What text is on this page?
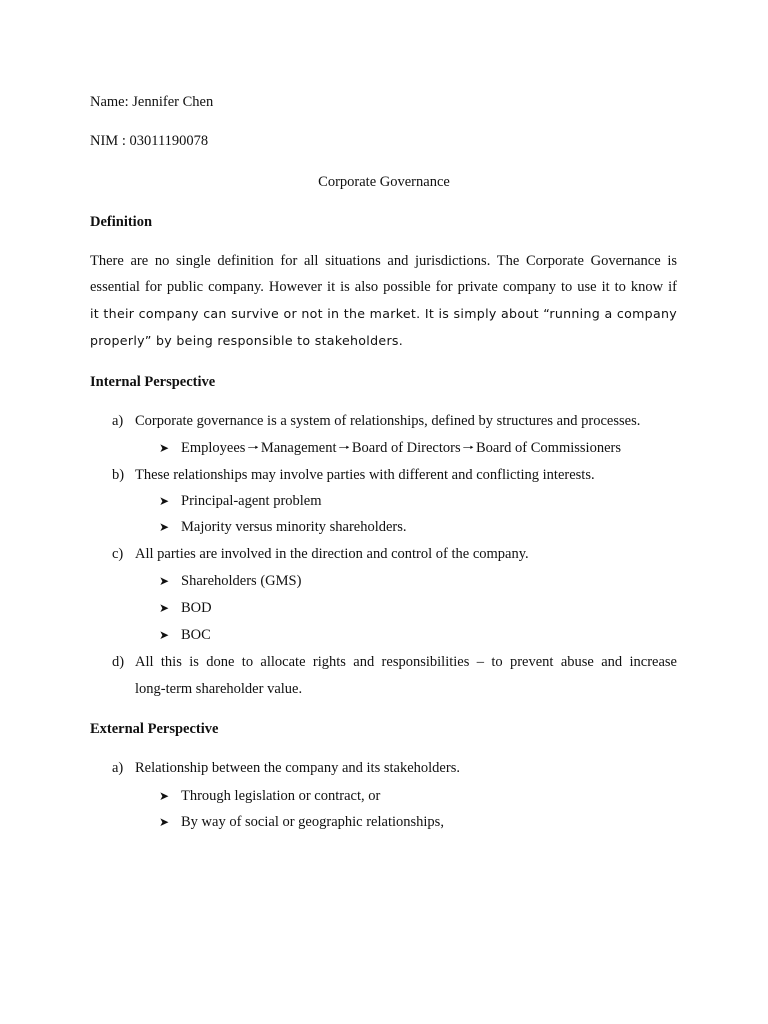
Name: Jennifer Chen
NIM : 03011190078
Corporate Governance
Definition
There are no single definition for all situations and jurisdictions. The Corporate Governance is
essential for public company. However it is also possible for private company to use it to know if
it their company can survive or not in the market. It is simply about “running a company
properly” by being responsible to stakeholders.
Internal Perspective
a) Corporate governance is a system of relationships, defined by structures and processes.
➤ Employees 🠒 Management 🠒 Board of Directors 🠒 Board of Commissioners
b) These relationships may involve parties with different and conflicting interests.
➤ Principal-agent problem
➤ Majority versus minority shareholders.
c) All parties are involved in the direction and control of the company.
➤ Shareholders (GMS)
➤ BOD
➤ BOC
d) All this is done to allocate rights and responsibilities – to prevent abuse and increase
long-term shareholder value.
External Perspective
a) Relationship between the company and its stakeholders.
➤ Through legislation or contract, or
➤ By way of social or geographic relationships,
